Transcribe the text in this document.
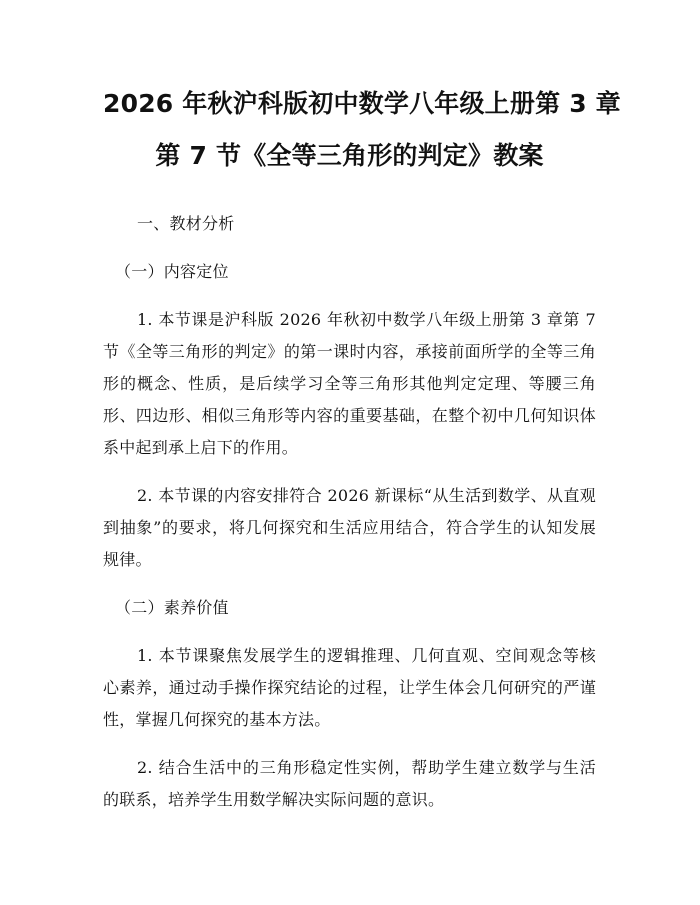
2026 年秋沪科版初中数学八年级上册第 3 章
第 7 节《全等三角形的判定》教案

一、教材分析

（一）内容定位

1. 本节课是沪科版 2026 年秋初中数学八年级上册第 3 章第 7 节《全等三角形的判定》的第一课时内容，承接前面所学的全等三角形的概念、性质，是后续学习全等三角形其他判定定理、等腰三角形、四边形、相似三角形等内容的重要基础，在整个初中几何知识体系中起到承上启下的作用。

2. 本节课的内容安排符合 2026 新课标“从生活到数学、从直观到抽象”的要求，将几何探究和生活应用结合，符合学生的认知发展规律。

（二）素养价值

1. 本节课聚焦发展学生的逻辑推理、几何直观、空间观念等核心素养，通过动手操作探究结论的过程，让学生体会几何研究的严谨性，掌握几何探究的基本方法。

2. 结合生活中的三角形稳定性实例，帮助学生建立数学与生活的联系，培养学生用数学解决实际问题的意识。
